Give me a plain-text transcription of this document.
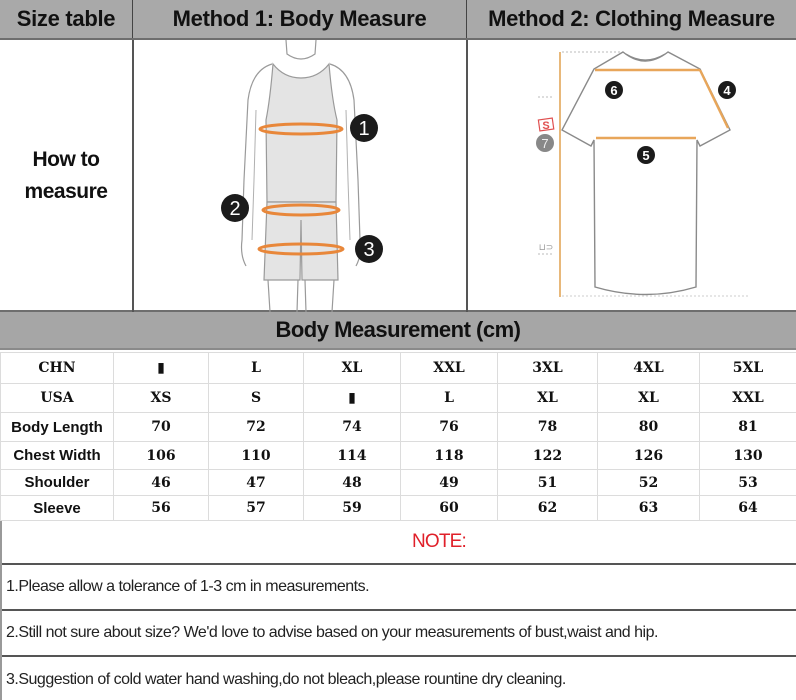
Size table	Method 1: Body Measure	Method 2: Clothing Measure
How to
measure
1
2
3
6	4
5
7
S
⊔⊃
Body Measurement (cm)
CHN	▮	L	XL	XXL	3XL	4XL	5XL
USA	XS	S	▮	L	XL	XL	XXL
Body Length	70	72	74	76	78	80	81
Chest Width	106	110	114	118	122	126	130
Shoulder	46	47	48	49	51	52	53
Sleeve	56	57	59	60	62	63	64
NOTE:
1.Please allow a tolerance of 1-3 cm in measurements.
2.Still not sure about size? We'd love to advise based on your measurements of bust,waist and hip.
3.Suggestion of cold water hand washing,do not bleach,please rountine dry cleaning.
